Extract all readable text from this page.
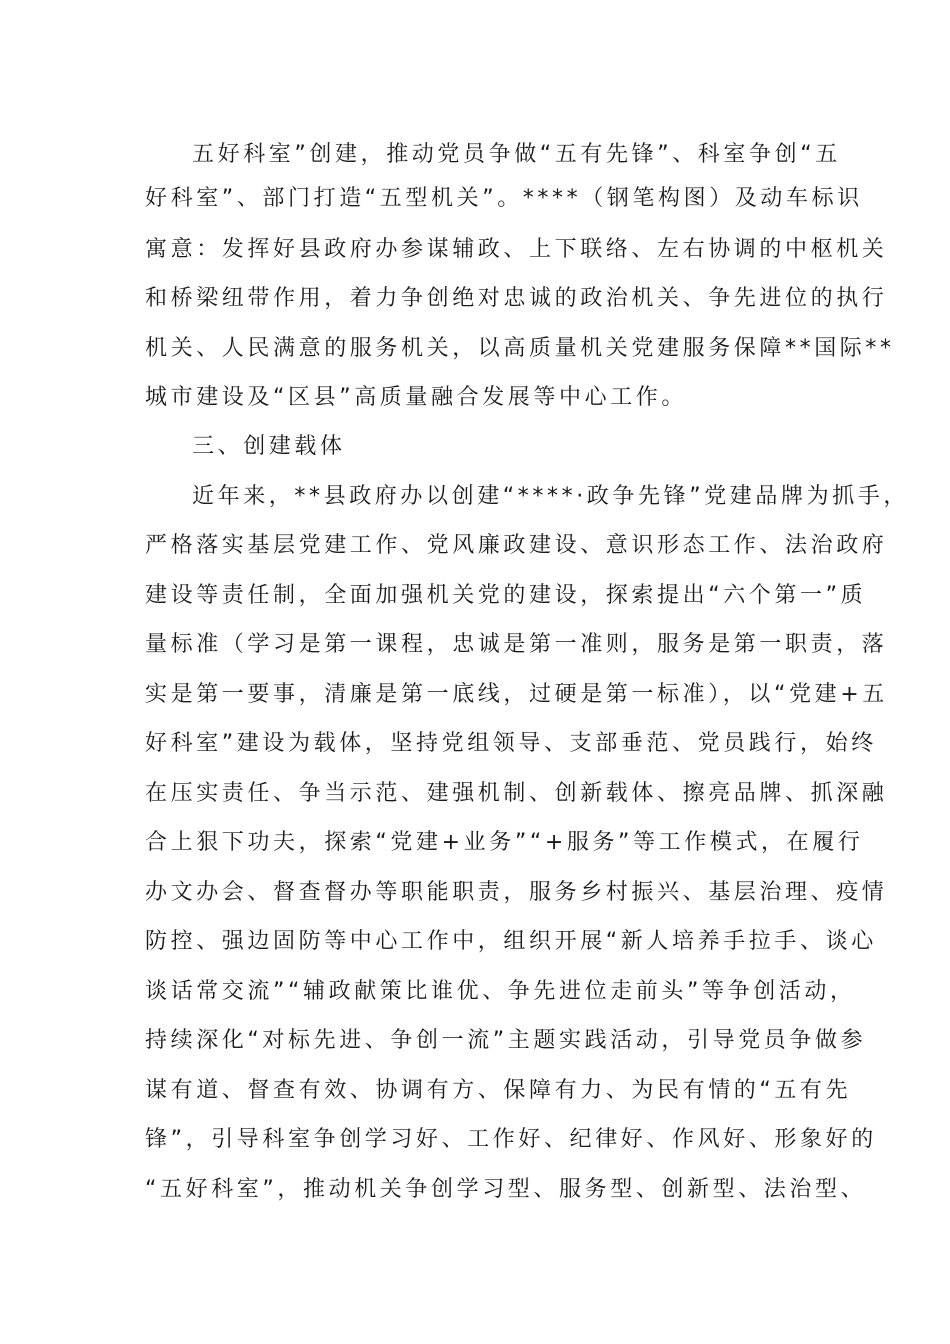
五好科室”创建，推动党员争做“五有先锋”、科室争创“五
好科室”、部门打造“五型机关”。****（钢笔构图）及动车标识
寓意：发挥好县政府办参谋辅政、上下联络、左右协调的中枢机关
和桥梁纽带作用，着力争创绝对忠诚的政治机关、争先进位的执行
机关、人民满意的服务机关，以高质量机关党建服务保障**国际**
城市建设及“区县”高质量融合发展等中心工作。
三、创建载体
近年来，**县政府办以创建“****·政争先锋”党建品牌为抓手，
严格落实基层党建工作、党风廉政建设、意识形态工作、法治政府
建设等责任制，全面加强机关党的建设，探索提出“六个第一”质
量标准（学习是第一课程，忠诚是第一准则，服务是第一职责，落
实是第一要事，清廉是第一底线，过硬是第一标准），以“党建+五
好科室”建设为载体，坚持党组领导、支部垂范、党员践行，始终
在压实责任、争当示范、建强机制、创新载体、擦亮品牌、抓深融
合上狠下功夫，探索“党建+业务”“+服务”等工作模式，在履行
办文办会、督查督办等职能职责，服务乡村振兴、基层治理、疫情
防控、强边固防等中心工作中，组织开展“新人培养手拉手、谈心
谈话常交流”“辅政献策比谁优、争先进位走前头”等争创活动，
持续深化“对标先进、争创一流”主题实践活动，引导党员争做参
谋有道、督查有效、协调有方、保障有力、为民有情的“五有先
锋”，引导科室争创学习好、工作好、纪律好、作风好、形象好的
“五好科室”，推动机关争创学习型、服务型、创新型、法治型、
